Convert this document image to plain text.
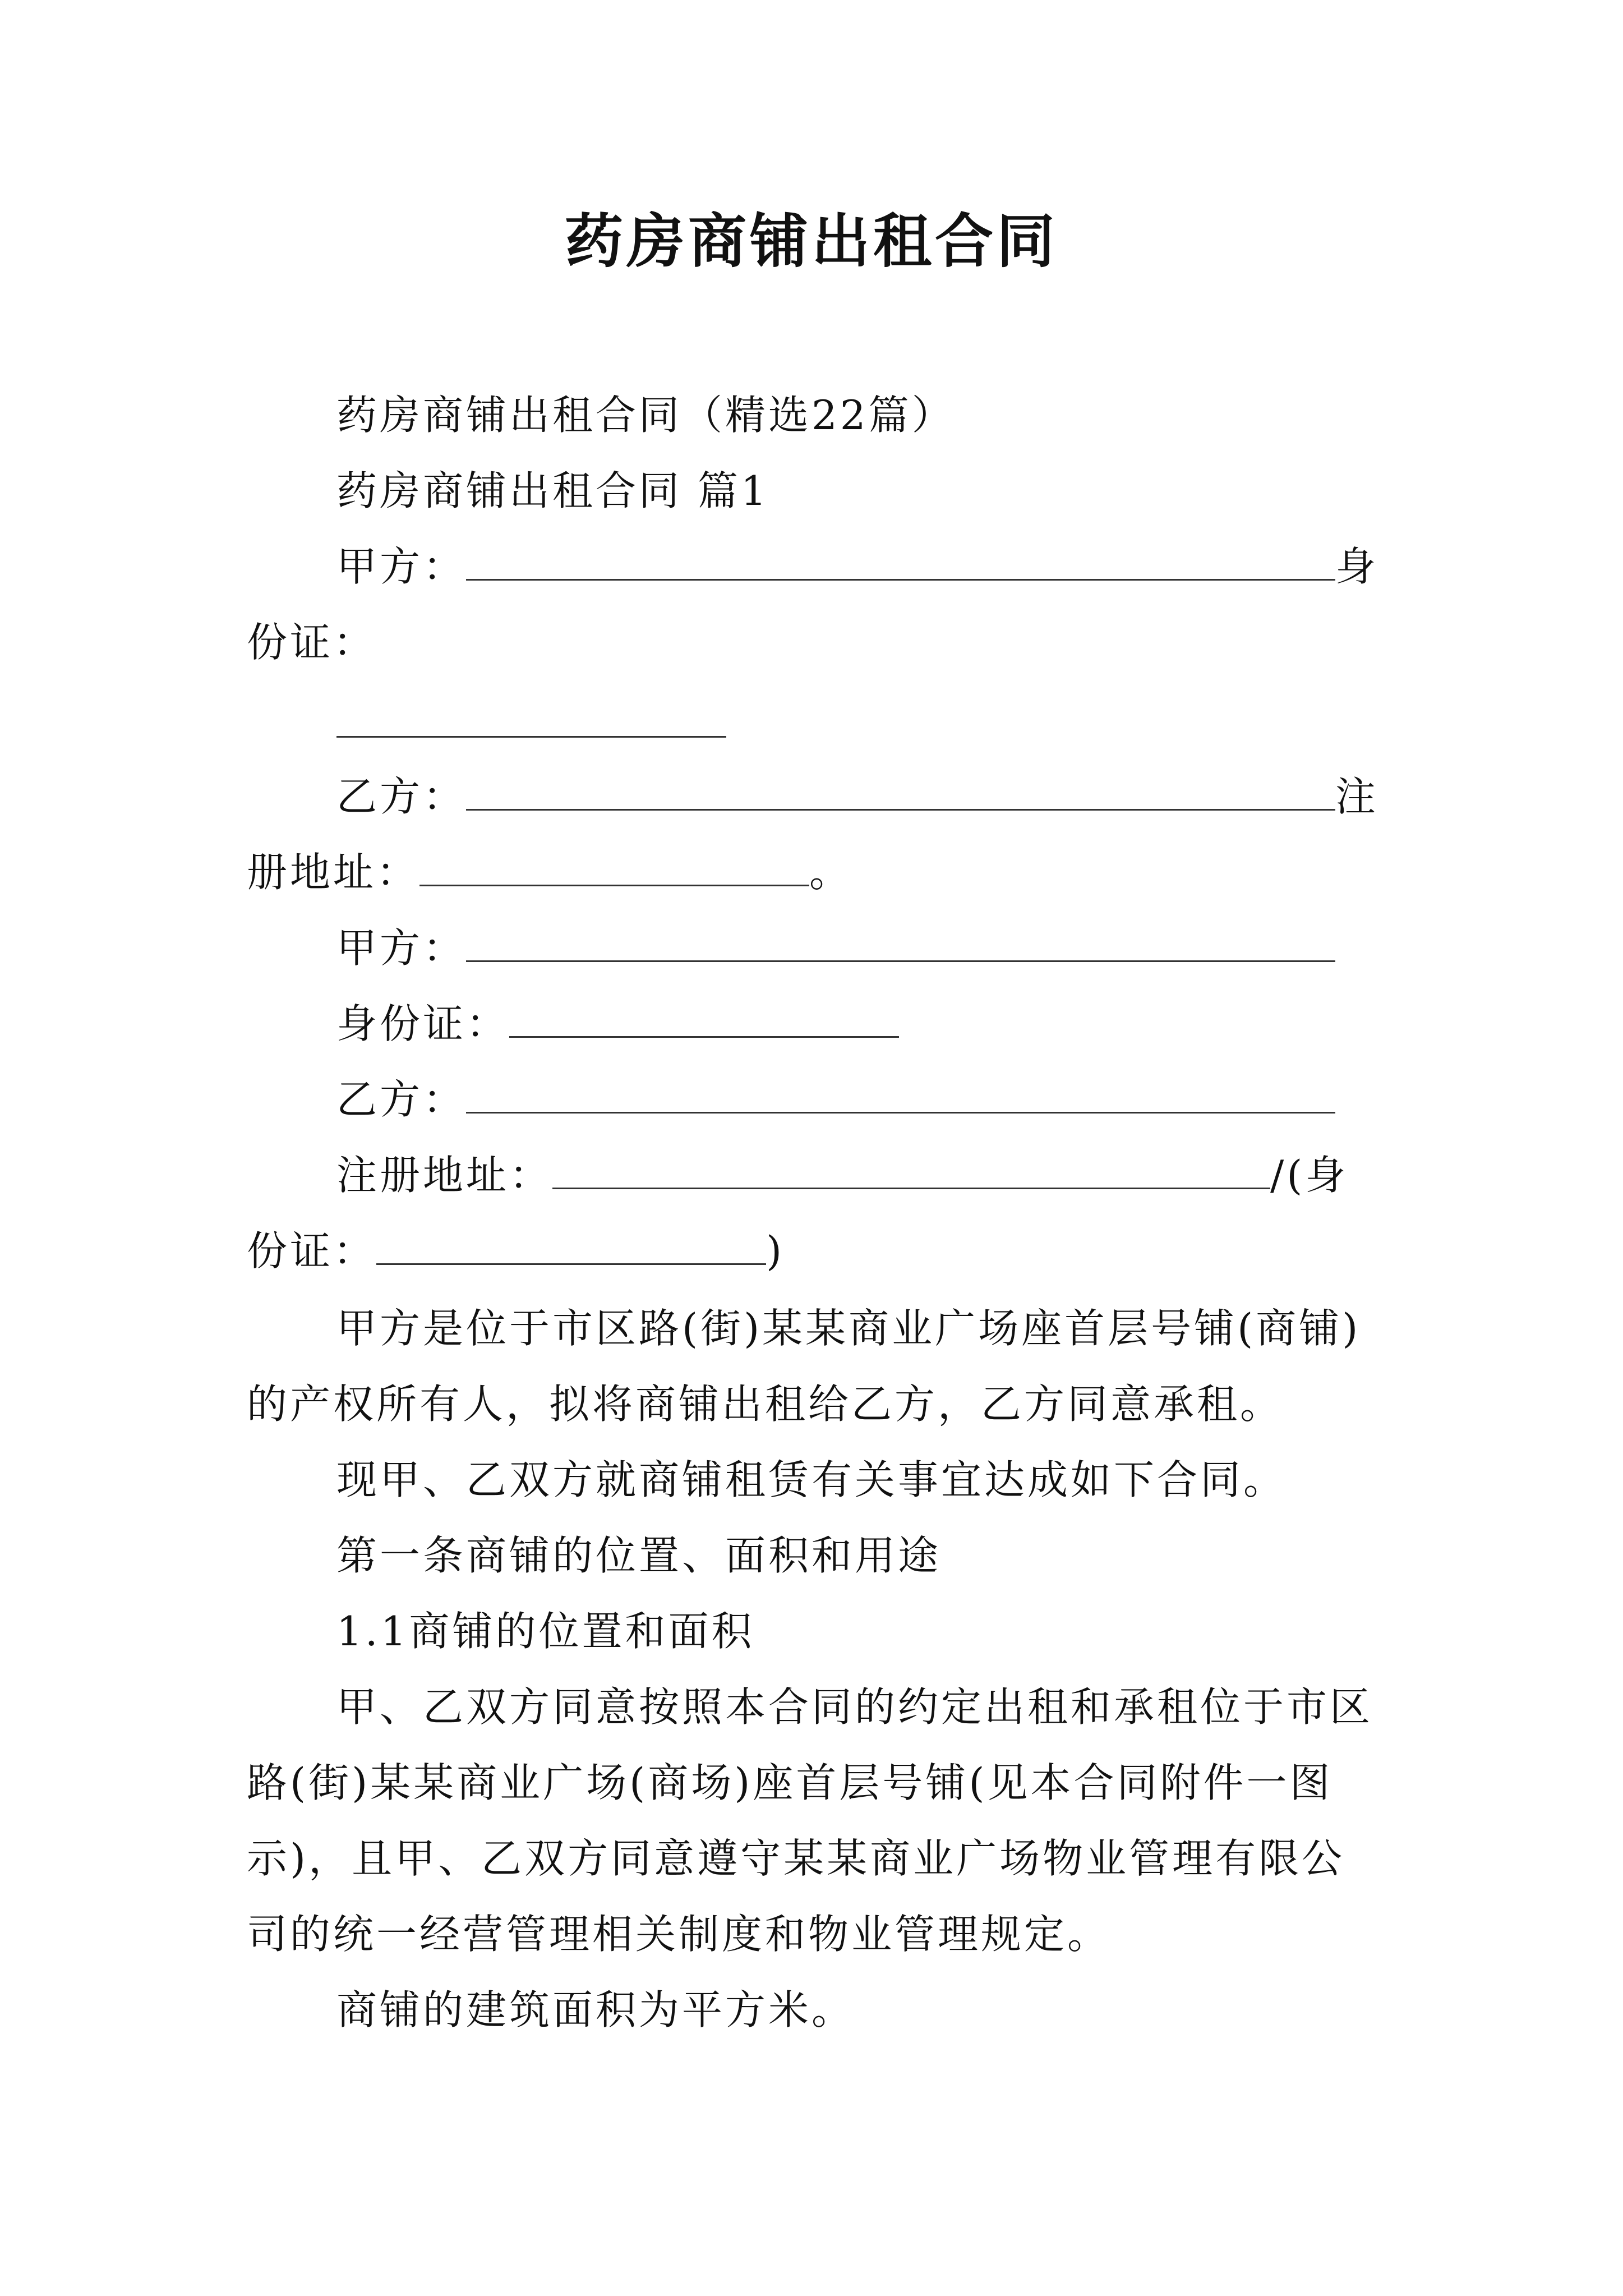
药房商铺出租合同
药房商铺出租合同（精选22篇）
药房商铺出租合同 篇1
甲方：	身
份证：
乙方：	注
册地址：	。
甲方：
身份证：
乙方：
注册地址：	/(身
份证：	)
甲方是位于市区路(街)某某商业广场座首层号铺(商铺)
的产权所有人，拟将商铺出租给乙方，乙方同意承租。
现甲、乙双方就商铺租赁有关事宜达成如下合同。
第一条商铺的位置、面积和用途
1.1商铺的位置和面积
甲、乙双方同意按照本合同的约定出租和承租位于市区
路(街)某某商业广场(商场)座首层号铺(见本合同附件一图
示)，且甲、乙双方同意遵守某某商业广场物业管理有限公
司的统一经营管理相关制度和物业管理规定。
商铺的建筑面积为平方米。
